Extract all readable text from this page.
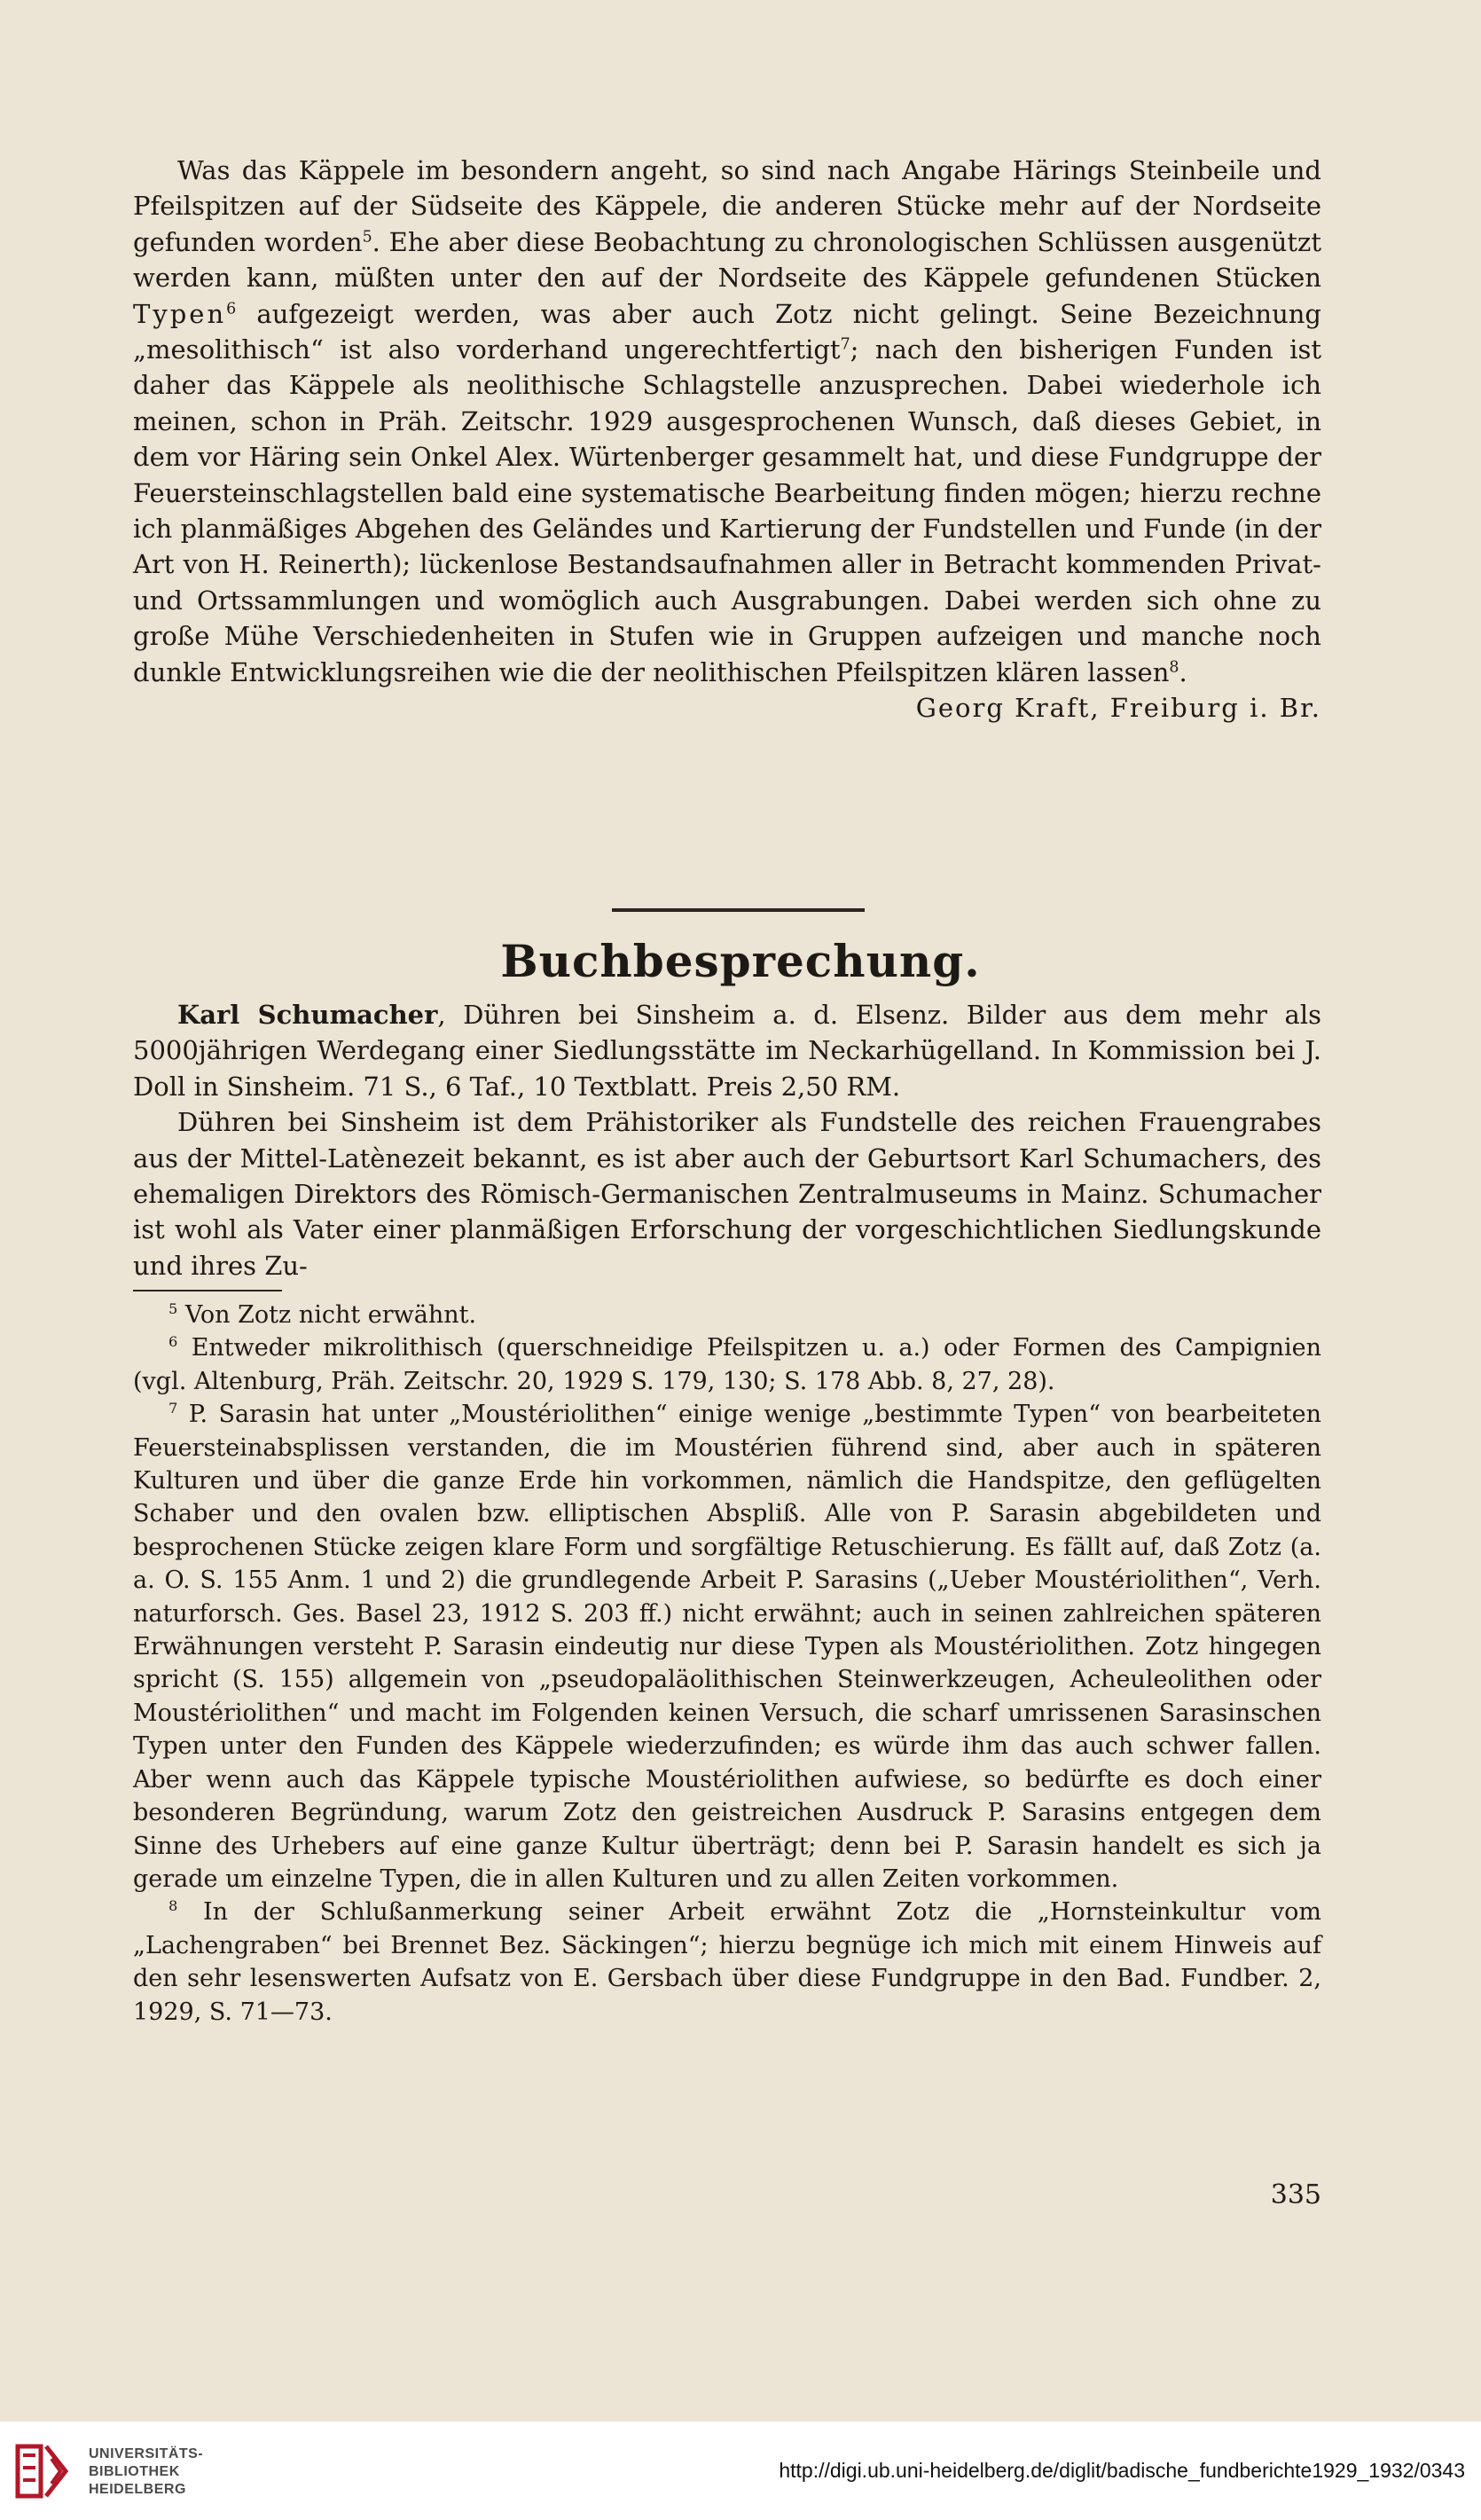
Was das Käppele im besondern angeht, so sind nach Angabe Härings Steinbeile und Pfeilspitzen auf der Südseite des Käppele, die anderen Stücke mehr auf der Nordseite gefunden worden$^5$. Ehe aber diese Beobachtung zu chronologischen Schlüssen ausgenützt werden kann, müßten unter den auf der Nordseite des Käppele gefundenen Stücken Typen$^6$ aufgezeigt werden, was aber auch Zotz nicht gelingt. Seine Bezeichnung „mesolithisch“ ist also vorderhand ungerechtfertigt$^7$; nach den bisherigen Funden ist daher das Käppele als neolithische Schlagstelle anzusprechen. Dabei wiederhole ich meinen, schon in Präh. Zeitschr. 1929 ausgesprochenen Wunsch, daß dieses Gebiet, in dem vor Häring sein Onkel Alex. Würtenberger gesammelt hat, und diese Fundgruppe der Feuersteinschlagstellen bald eine systematische Bearbeitung finden mögen; hierzu rechne ich planmäßiges Abgehen des Geländes und Kartierung der Fundstellen und Funde (in der Art von H. Reinerth); lückenlose Bestandsaufnahmen aller in Betracht kommenden Privat- und Ortssammlungen und womöglich auch Ausgrabungen. Dabei werden sich ohne zu große Mühe Verschiedenheiten in Stufen wie in Gruppen aufzeigen und manche noch dunkle Entwicklungsreihen wie die der neolithischen Pfeilspitzen klären lassen$^8$.

Georg Kraft, Freiburg i. Br.
Buchbesprechung.

Karl Schumacher, Dühren bei Sinsheim a. d. Elsenz. Bilder aus dem mehr als 5000jährigen Werdegang einer Siedlungsstätte im Neckarhügelland. In Kommission bei J. Doll in Sinsheim. 71 S., 6 Taf., 10 Textblatt. Preis 2,50 RM.

Dühren bei Sinsheim ist dem Prähistoriker als Fundstelle des reichen Frauengrabes aus der Mittel-Latènezeit bekannt, es ist aber auch der Geburtsort Karl Schumachers, des ehemaligen Direktors des Römisch-Germanischen Zentralmuseums in Mainz. Schumacher ist wohl als Vater einer planmäßigen Erforschung der vorgeschichtlichen Siedlungskunde und ihres Zu-

$^5$ Von Zotz nicht erwähnt.

$^6$ Entweder mikrolithisch (querschneidige Pfeilspitzen u. a.) oder Formen des Campignien (vgl. Altenburg, Präh. Zeitschr. 20, 1929 S. 179, 130; S. 178 Abb. 8, 27, 28).

$^7$ P. Sarasin hat unter „Moustériolithen“ einige wenige „bestimmte Typen“ von bearbeiteten Feuersteinabsplissen verstanden, die im Moustérien führend sind, aber auch in späteren Kulturen und über die ganze Erde hin vorkommen, nämlich die Handspitze, den geflügelten Schaber und den ovalen bzw. elliptischen Abspliß. Alle von P. Sarasin abgebildeten und besprochenen Stücke zeigen klare Form und sorgfältige Retuschierung. Es fällt auf, daß Zotz (a. a. O. S. 155 Anm. 1 und 2) die grundlegende Arbeit P. Sarasins („Ueber Moustériolithen“, Verh. naturforsch. Ges. Basel 23, 1912 S. 203 ff.) nicht erwähnt; auch in seinen zahlreichen späteren Erwähnungen versteht P. Sarasin eindeutig nur diese Typen als Moustériolithen. Zotz hingegen spricht (S. 155) allgemein von „pseudopaläolithischen Steinwerkzeugen, Acheuleolithen oder Moustériolithen“ und macht im Folgenden keinen Versuch, die scharf umrissenen Sarasinschen Typen unter den Funden des Käppele wiederzufinden; es würde ihm das auch schwer fallen. Aber wenn auch das Käppele typische Moustériolithen aufwiese, so bedürfte es doch einer besonderen Begründung, warum Zotz den geistreichen Ausdruck P. Sarasins entgegen dem Sinne des Urhebers auf eine ganze Kultur überträgt; denn bei P. Sarasin handelt es sich ja gerade um einzelne Typen, die in allen Kulturen und zu allen Zeiten vorkommen.

$^8$ In der Schlußanmerkung seiner Arbeit erwähnt Zotz die „Hornsteinkultur vom „Lachengraben“ bei Brennet Bez. Säckingen“; hierzu begnüge ich mich mit einem Hinweis auf den sehr lesenswerten Aufsatz von E. Gersbach über diese Fundgruppe in den Bad. Fundber. 2, 1929, S. 71—73.

335
UNIVERSITÄTS-
BIBLIOTHEK
HEIDELBERG
http://digi.ub.uni-heidelberg.de/diglit/badische_fundberichte1929_1932/0343
